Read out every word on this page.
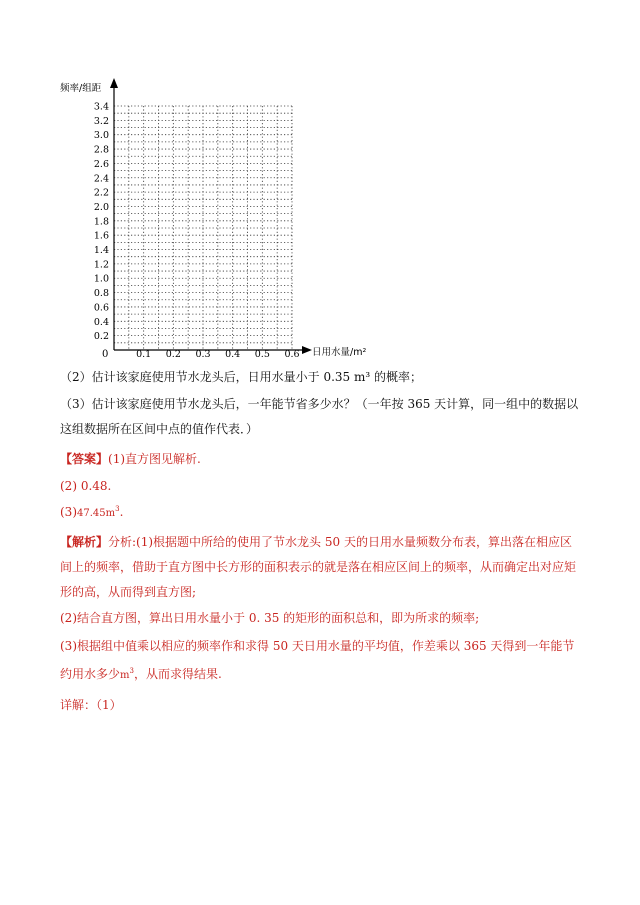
0.2
0.4
0.6
0.8
1.0
1.2
1.4
1.6
1.8
2.0
2.2
2.4
2.6
2.8
3.0
3.2
3.4
0.1 0.2 0.3 0.4 0.5 0.6
频率/组距
日用水量/m²
0
（2）估计该家庭使用节水龙头后，日用水量小于 0.35 m³ 的概率；
（3）估计该家庭使用节水龙头后，一年能节省多少水？（一年按 365 天计算，同一组中的数据以这组数据所在区间中点的值作代表．）
【答案】(1)直方图见解析.
(2) 0.48.
$(3)47.45m^3$.
【解析】分析:(1)根据题中所给的使用了节水龙头 50 天的日用水量频数分布表，算出落在相应区间上的频率，借助于直方图中长方形的面积表示的就是落在相应区间上的频率，从而确定出对应矩形的高，从而得到直方图;
(2)结合直方图，算出日用水量小于 0. 35 的矩形的面积总和，即为所求的频率;
(3)根据组中值乘以相应的频率作和求得 50 天日用水量的平均值，作差乘以 365 天得到一年能节约用水多少$m^3$，从而求得结果.
详解：（1）
